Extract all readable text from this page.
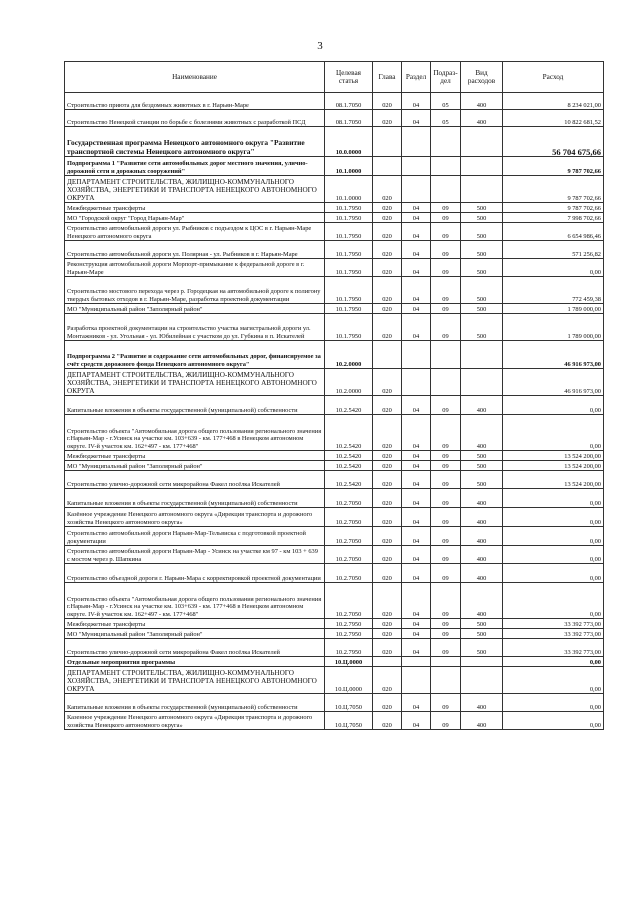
3
Наименование	Целевая статья	Глава	Раздел	Подраз-дел	Вид расходов	Расход
Строительство приюта для бездомных животных в г. Нарьян-Маре	08.1.7050	020	04	05	400	8 234 021,00
Строительство Ненецкой станции по борьбе с болезнями животных с разработкой ПСД	08.1.7050	020	04	05	400	10 822 681,52
Государственная программа Ненецкого автономного округа "Развитие транспортной системы Ненецкого автономного округа"	10.0.0000					56 704 675,66
Подпрограмма 1 "Развитие сети автомобильных дорог местного значения, улично-дорожной сети и дорожных сооружений"	10.1.0000					9 787 702,66
ДЕПАРТАМЕНТ СТРОИТЕЛЬСТВА, ЖИЛИЩНО-КОММУНАЛЬНОГО ХОЗЯЙСТВА, ЭНЕРГЕТИКИ И ТРАНСПОРТА НЕНЕЦКОГО АВТОНОМНОГО ОКРУГА	10.1.0000	020				9 787 702,66
Межбюджетные трансферты	10.1.7950	020	04	09	500	9 787 702,66
МО "Городской округ "Город Нарьян-Мар"	10.1.7950	020	04	09	500	7 998 702,66
Строительство автомобильной дороги ул. Рыбников с подъездом к ЦОС в г. Нарьян-Маре Ненецкого автономного округа	10.1.7950	020	04	09	500	6 654 986,46
Строительство автомобильной дороги ул. Полярная - ул. Рыбников в г. Нарьян-Маре	10.1.7950	020	04	09	500	571 256,82
Реконструкция автомобильной дороги Морпорт-примыкание к федеральной дороге в г. Нарьян-Маре	10.1.7950	020	04	09	500	0,00
Строительство мостового перехода через р. Городецкая на автомобильной дороге к полигону твердых бытовых отходов в г. Нарьян-Маре, разработка проектной документации	10.1.7950	020	04	09	500	772 459,38
МО "Муниципальный район "Заполярный район"	10.1.7950	020	04	09	500	1 789 000,00
Разработка проектной документации на строительство участка магистральной дороги ул. Монтажников - ул. Угольная - ул. Юбилейная с участком до ул. Губкина в п. Искателей	10.1.7950	020	04	09	500	1 789 000,00
Подпрограмма 2 "Развитие и содержание сети автомобильных дорог, финансируемое за счёт средств дорожного фонда Ненецкого автономного округа"	10.2.0000					46 916 973,00
ДЕПАРТАМЕНТ СТРОИТЕЛЬСТВА, ЖИЛИЩНО-КОММУНАЛЬНОГО ХОЗЯЙСТВА, ЭНЕРГЕТИКИ И ТРАНСПОРТА НЕНЕЦКОГО АВТОНОМНОГО ОКРУГА	10.2.0000	020				46 916 973,00
Капитальные вложения в объекты государственной (муниципальной) собственности	10.2.5420	020	04	09	400	0,00
Строительство объекта "Автомобильная дорога общего пользования регионального значения г.Нарьян-Мар - г.Усинск на участке км. 103+639 - км. 177+468 в Ненецком автономном округе. IV-й участок км. 162+497 - км. 177+468"	10.2.5420	020	04	09	400	0,00
Межбюджетные трансферты	10.2.5420	020	04	09	500	13 524 200,00
МО "Муниципальный район "Заполярный район"	10.2.5420	020	04	09	500	13 524 200,00
Строительство улично-дорожной сети микрорайона Факел посёлка Искателей	10.2.5420	020	04	09	500	13 524 200,00
Капитальные вложения в объекты государственной (муниципальной) собственности	10.2.7050	020	04	09	400	0,00
Казённое учреждение Ненецкого автономного округа «Дирекция транспорта и дорожного хозяйства Ненецкого автономного округа»	10.2.7050	020	04	09	400	0,00
Строительство автомобильной дороги Нарьян-Мар-Тельвиска с подготовкой проектной документации	10.2.7050	020	04	09	400	0,00
Строительство автомобильной дороги Нарьян-Мар - Усинск на участке км 97 - км 103 + 639 с мостом через р. Шапкина	10.2.7050	020	04	09	400	0,00
Строительство объездной дороги г. Нарьян-Мара с корректировкой проектной документации	10.2.7050	020	04	09	400	0,00
Строительство объекта "Автомобильная дорога общего пользования регионального значения г.Нарьян-Мар - г.Усинск на участке км. 103+639 - км. 177+468 в Ненецком автономном округе. IV-й участок км. 162+497 - км. 177+468"	10.2.7050	020	04	09	400	0,00
Межбюджетные трансферты	10.2.7950	020	04	09	500	33 392 773,00
МО "Муниципальный район "Заполярный район"	10.2.7950	020	04	09	500	33 392 773,00
Строительство улично-дорожной сети микрорайона Факел посёлка Искателей	10.2.7950	020	04	09	500	33 392 773,00
Отдельные мероприятия программы	10.Ц.0000					0,00
ДЕПАРТАМЕНТ СТРОИТЕЛЬСТВА, ЖИЛИЩНО-КОММУНАЛЬНОГО ХОЗЯЙСТВА, ЭНЕРГЕТИКИ И ТРАНСПОРТА НЕНЕЦКОГО АВТОНОМНОГО ОКРУГА	10.Ц.0000	020				0,00
Капитальные вложения в объекты государственной (муниципальной) собственности	10.Ц.7050	020	04	09	400	0,00
Казенное учреждение Ненецкого автономного округа «Дирекция транспорта и дорожного хозяйства Ненецкого автономного округа»	10.Ц.7050	020	04	09	400	0,00
